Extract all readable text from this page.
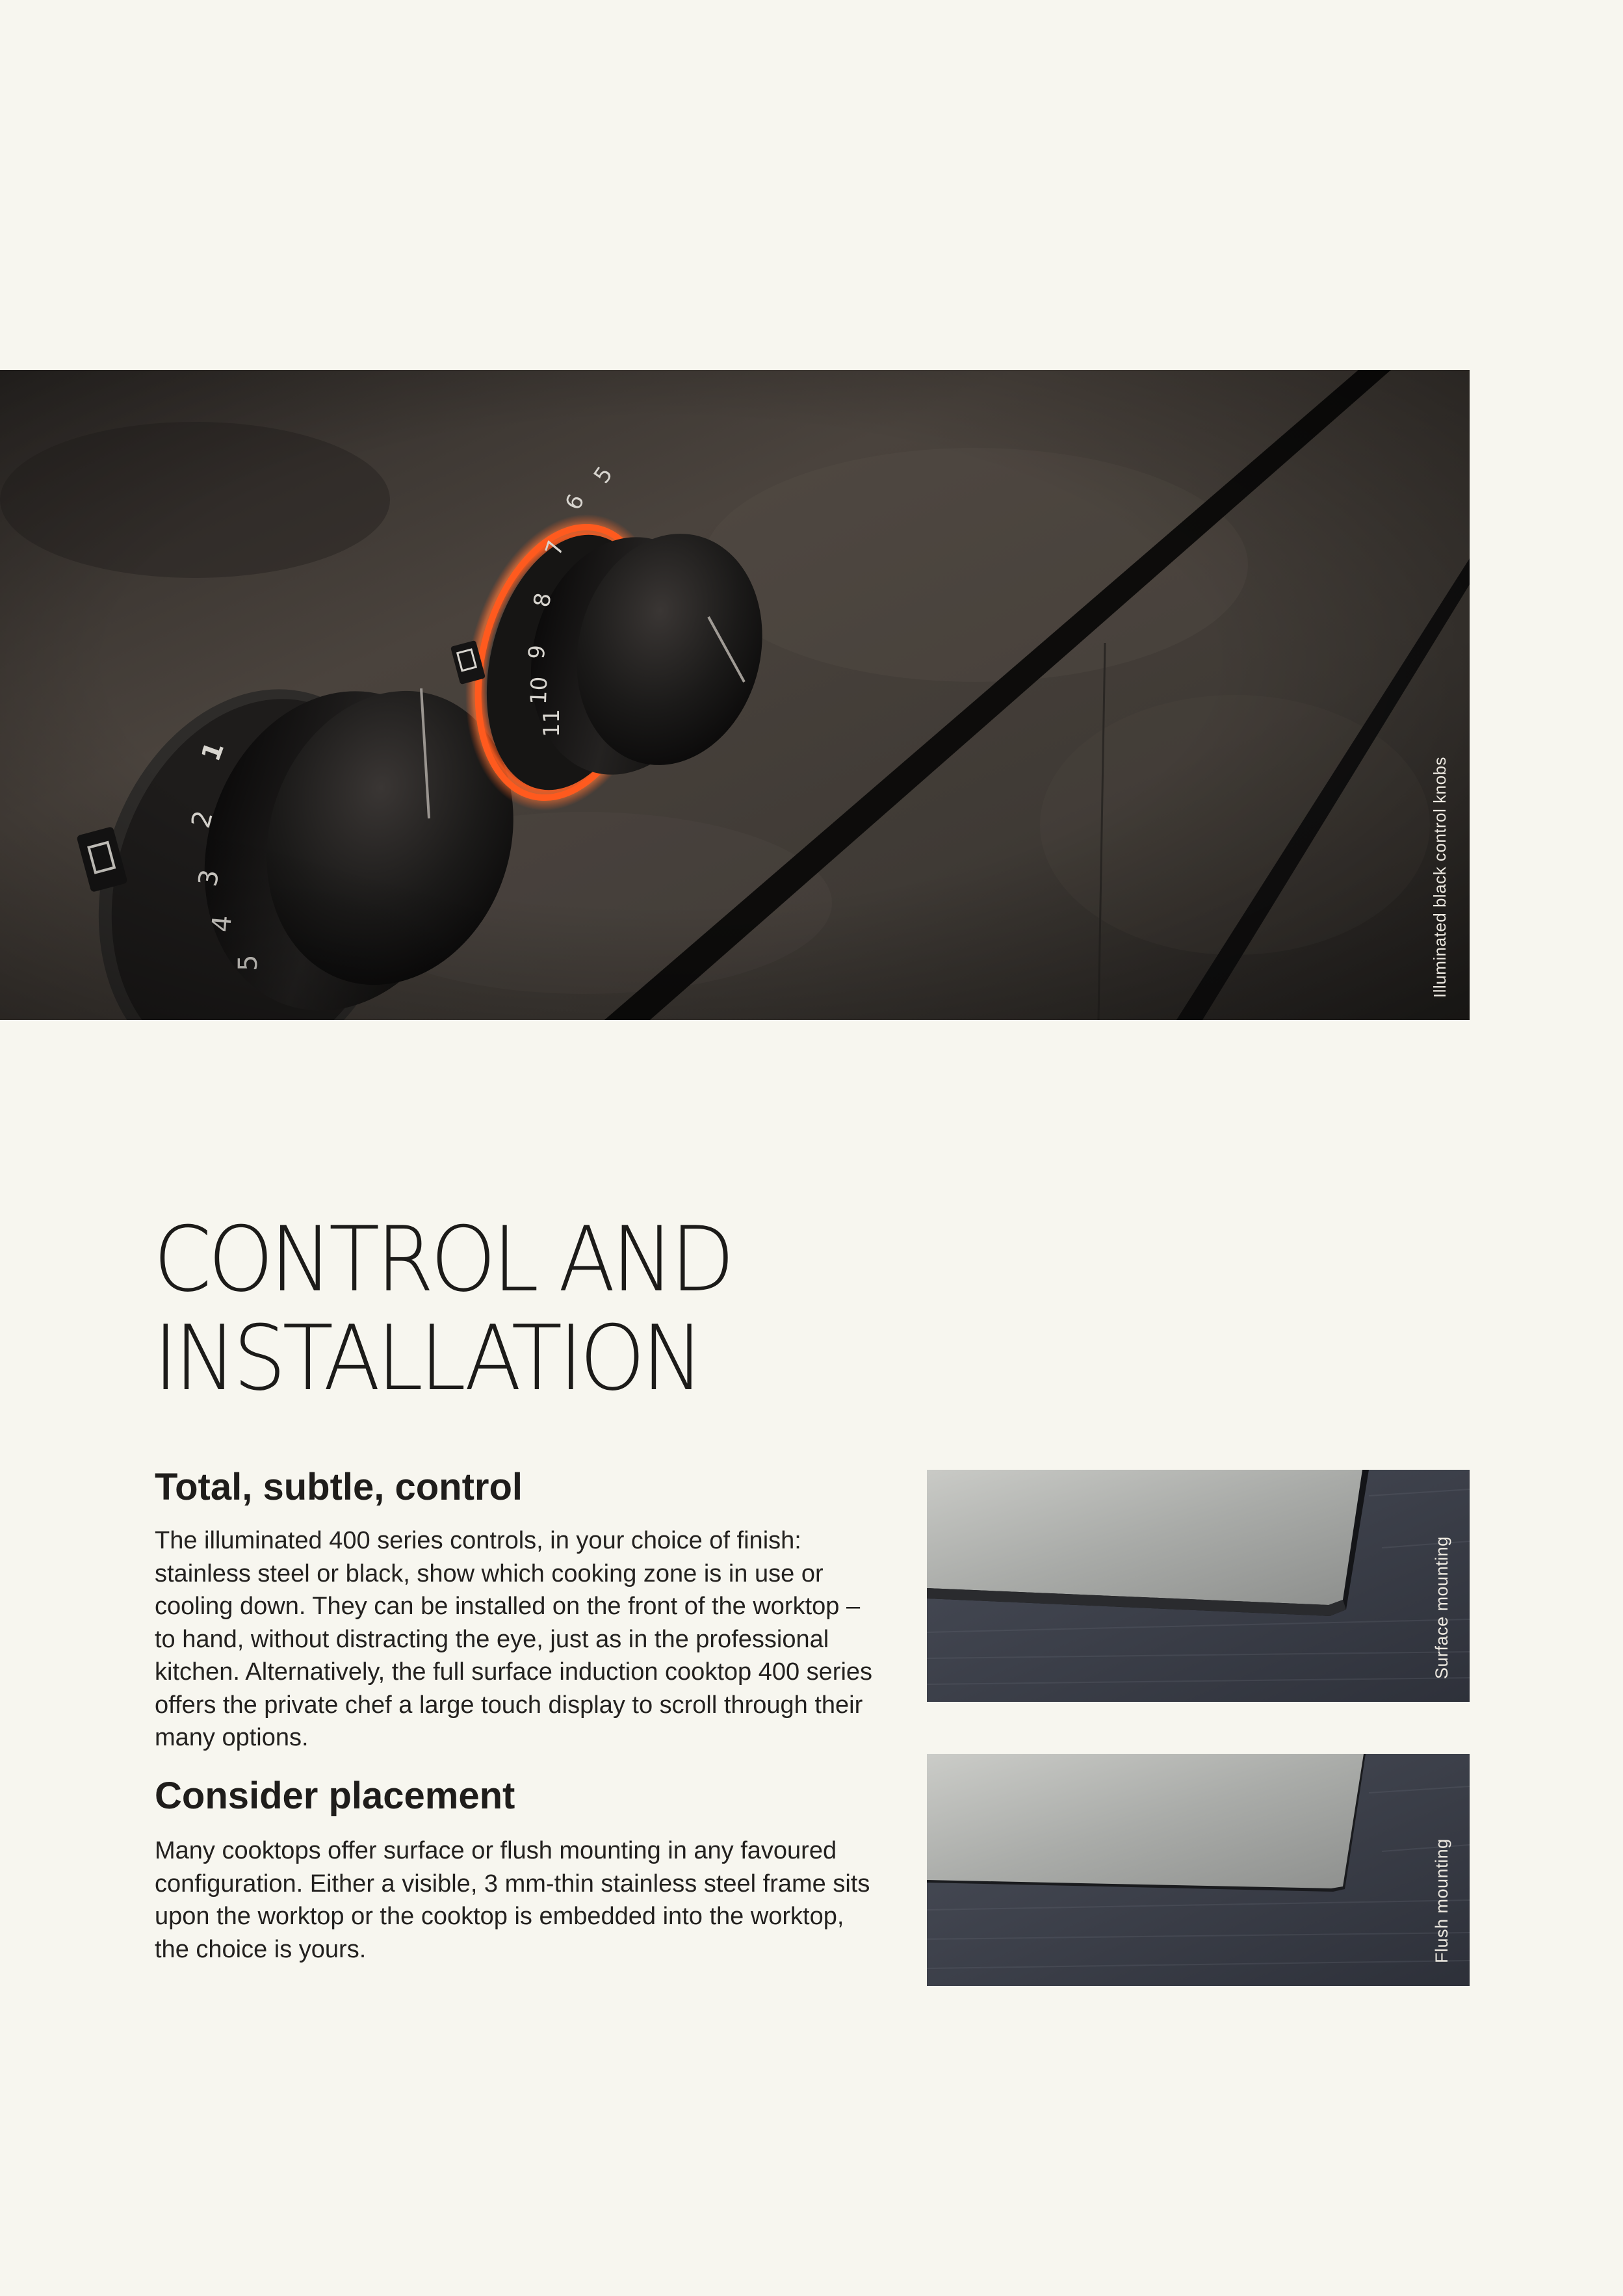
Illuminated black control knobs
CONTROL AND
INSTALLATION
Total, subtle, control

The illuminated 400 series controls, in your choice of finish: stainless steel or black, show which cooking zone is in use or cooling down. They can be installed on the front of the worktop – to hand, without distracting the eye, just as in the professional kitchen. Alternatively, the full surface induction cooktop 400 series offers the private chef a large touch display to scroll through their many options.

Consider placement

Many cooktops offer surface or flush mounting in any favoured configuration. Either a visible, 3 mm-thin stainless steel frame sits upon the worktop or the cooktop is embedded into the worktop, the choice is yours.

Surface mounting
Flush mounting
